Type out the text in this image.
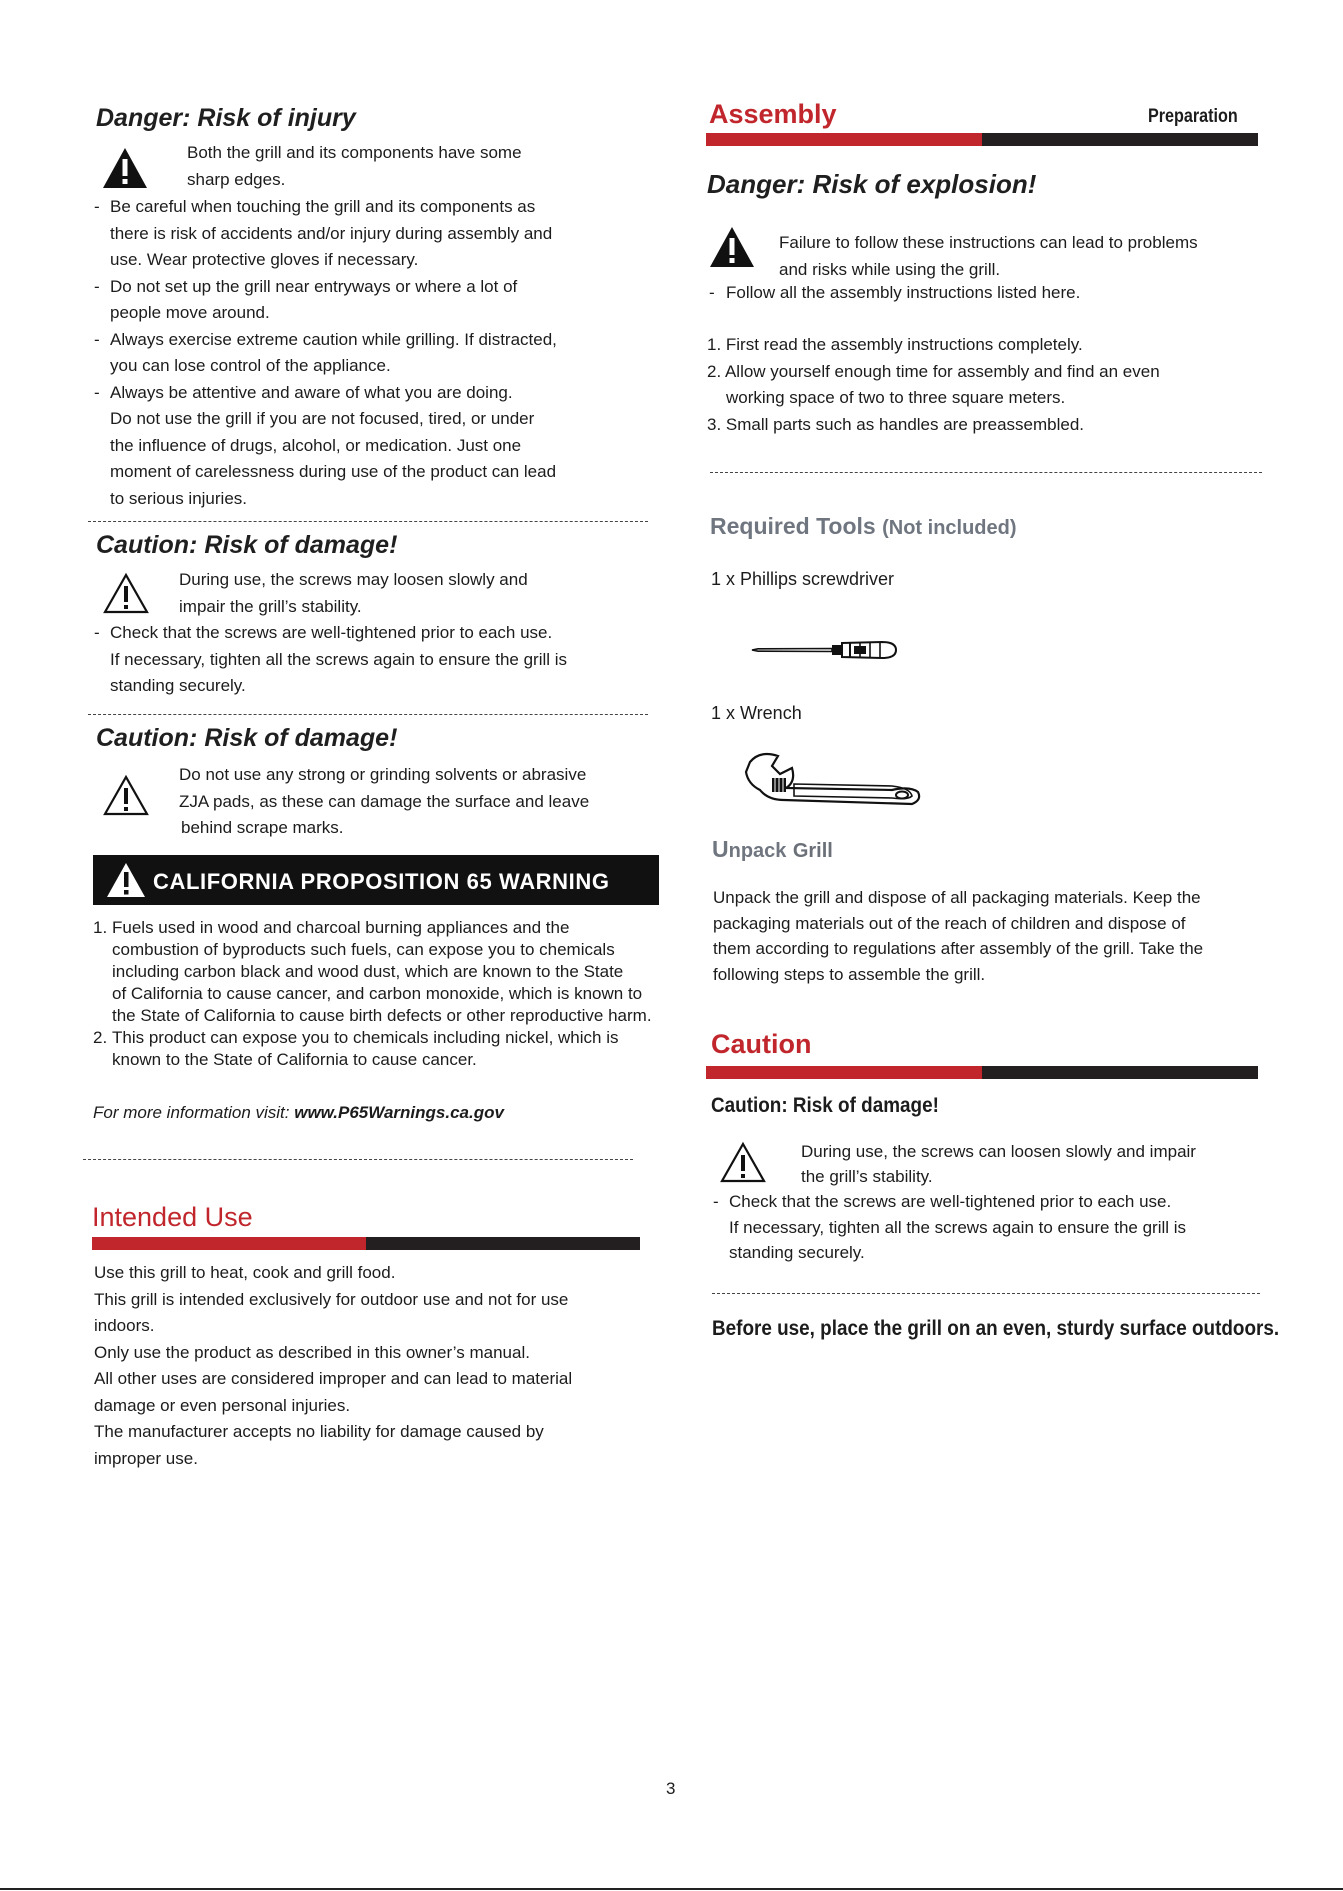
Danger: Risk of injury
Both the grill and its components have some
sharp edges.
- Be careful when touching the grill and its components as
there is risk of accidents and/or injury during assembly and
use. Wear protective gloves if necessary.
- Do not set up the grill near entryways or where a lot of
people move around.
- Always exercise extreme caution while grilling. If distracted,
you can lose control of the appliance.
- Always be attentive and aware of what you are doing.
Do not use the grill if you are not focused, tired, or under
the influence of drugs, alcohol, or medication. Just one
moment of carelessness during use of the product can lead
to serious injuries.
Caution: Risk of damage!
During use, the screws may loosen slowly and
impair the grill’s stability.
- Check that the screws are well-tightened prior to each use.
If necessary, tighten all the screws again to ensure the grill is
standing securely.
Caution: Risk of damage!
Do not use any strong or grinding solvents or abrasive
ZJA pads, as these can damage the surface and leave
behind scrape marks.
CALIFORNIA PROPOSITION 65 WARNING
1. Fuels used in wood and charcoal burning appliances and the
combustion of byproducts such fuels, can expose you to chemicals
including carbon black and wood dust, which are known to the State
of California to cause cancer, and carbon monoxide, which is known to
the State of California to cause birth defects or other reproductive harm.
2. This product can expose you to chemicals including nickel, which is
known to the State of California to cause cancer.
For more information visit: www.P65Warnings.ca.gov
Intended Use
Use this grill to heat, cook and grill food.
This grill is intended exclusively for outdoor use and not for use
indoors.
Only use the product as described in this owner’s manual.
All other uses are considered improper and can lead to material
damage or even personal injuries.
The manufacturer accepts no liability for damage caused by
improper use.
Assembly	Preparation
Danger: Risk of explosion!
Failure to follow these instructions can lead to problems
and risks while using the grill.
- Follow all the assembly instructions listed here.
1. First read the assembly instructions completely.
2. Allow yourself enough time for assembly and find an even
working space of two to three square meters.
3. Small parts such as handles are preassembled.
Required Tools (Not included)
1 x Phillips screwdriver
1 x Wrench
Unpack Grill
Unpack the grill and dispose of all packaging materials. Keep the
packaging materials out of the reach of children and dispose of
them according to regulations after assembly of the grill. Take the
following steps to assemble the grill.
Caution
Caution: Risk of damage!
During use, the screws can loosen slowly and impair
the grill’s stability.
- Check that the screws are well-tightened prior to each use.
If necessary, tighten all the screws again to ensure the grill is
standing securely.
Before use, place the grill on an even, sturdy surface outdoors.
3
